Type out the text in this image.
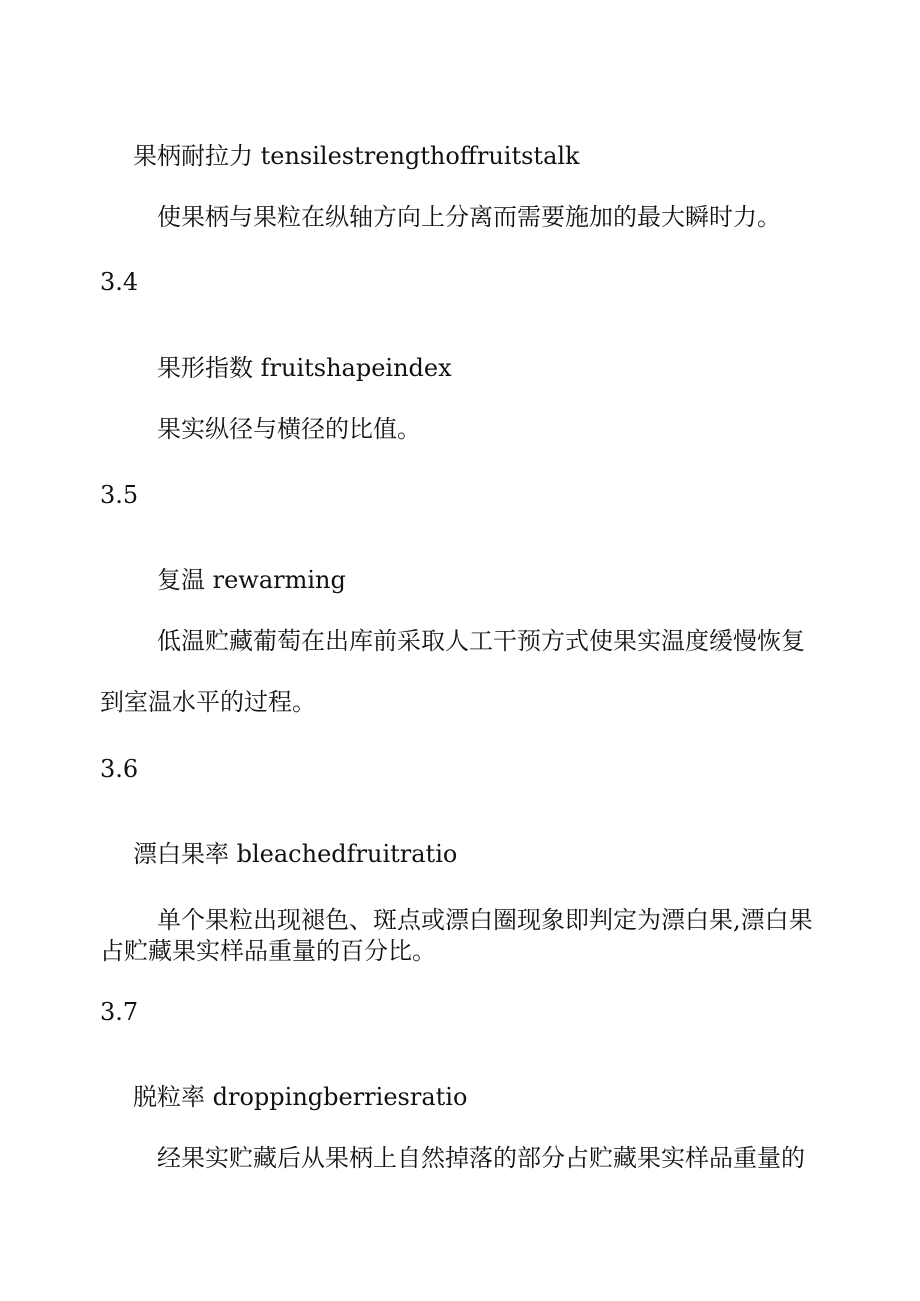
果柄耐拉力 tensilestrengthoffruitstalk
使果柄与果粒在纵轴方向上分离而需要施加的最大瞬时力。
3.4
果形指数 fruitshapeindex
果实纵径与横径的比值。
3.5
复温 rewarming
低温贮藏葡萄在出库前采取人工干预方式使果实温度缓慢恢复
到室温水平的过程。
3.6
漂白果率 bleachedfruitratio
单个果粒出现褪色、斑点或漂白圈现象即判定为漂白果,漂白果
占贮藏果实样品重量的百分比。
3.7
脱粒率 droppingberriesratio
经果实贮藏后从果柄上自然掉落的部分占贮藏果实样品重量的
